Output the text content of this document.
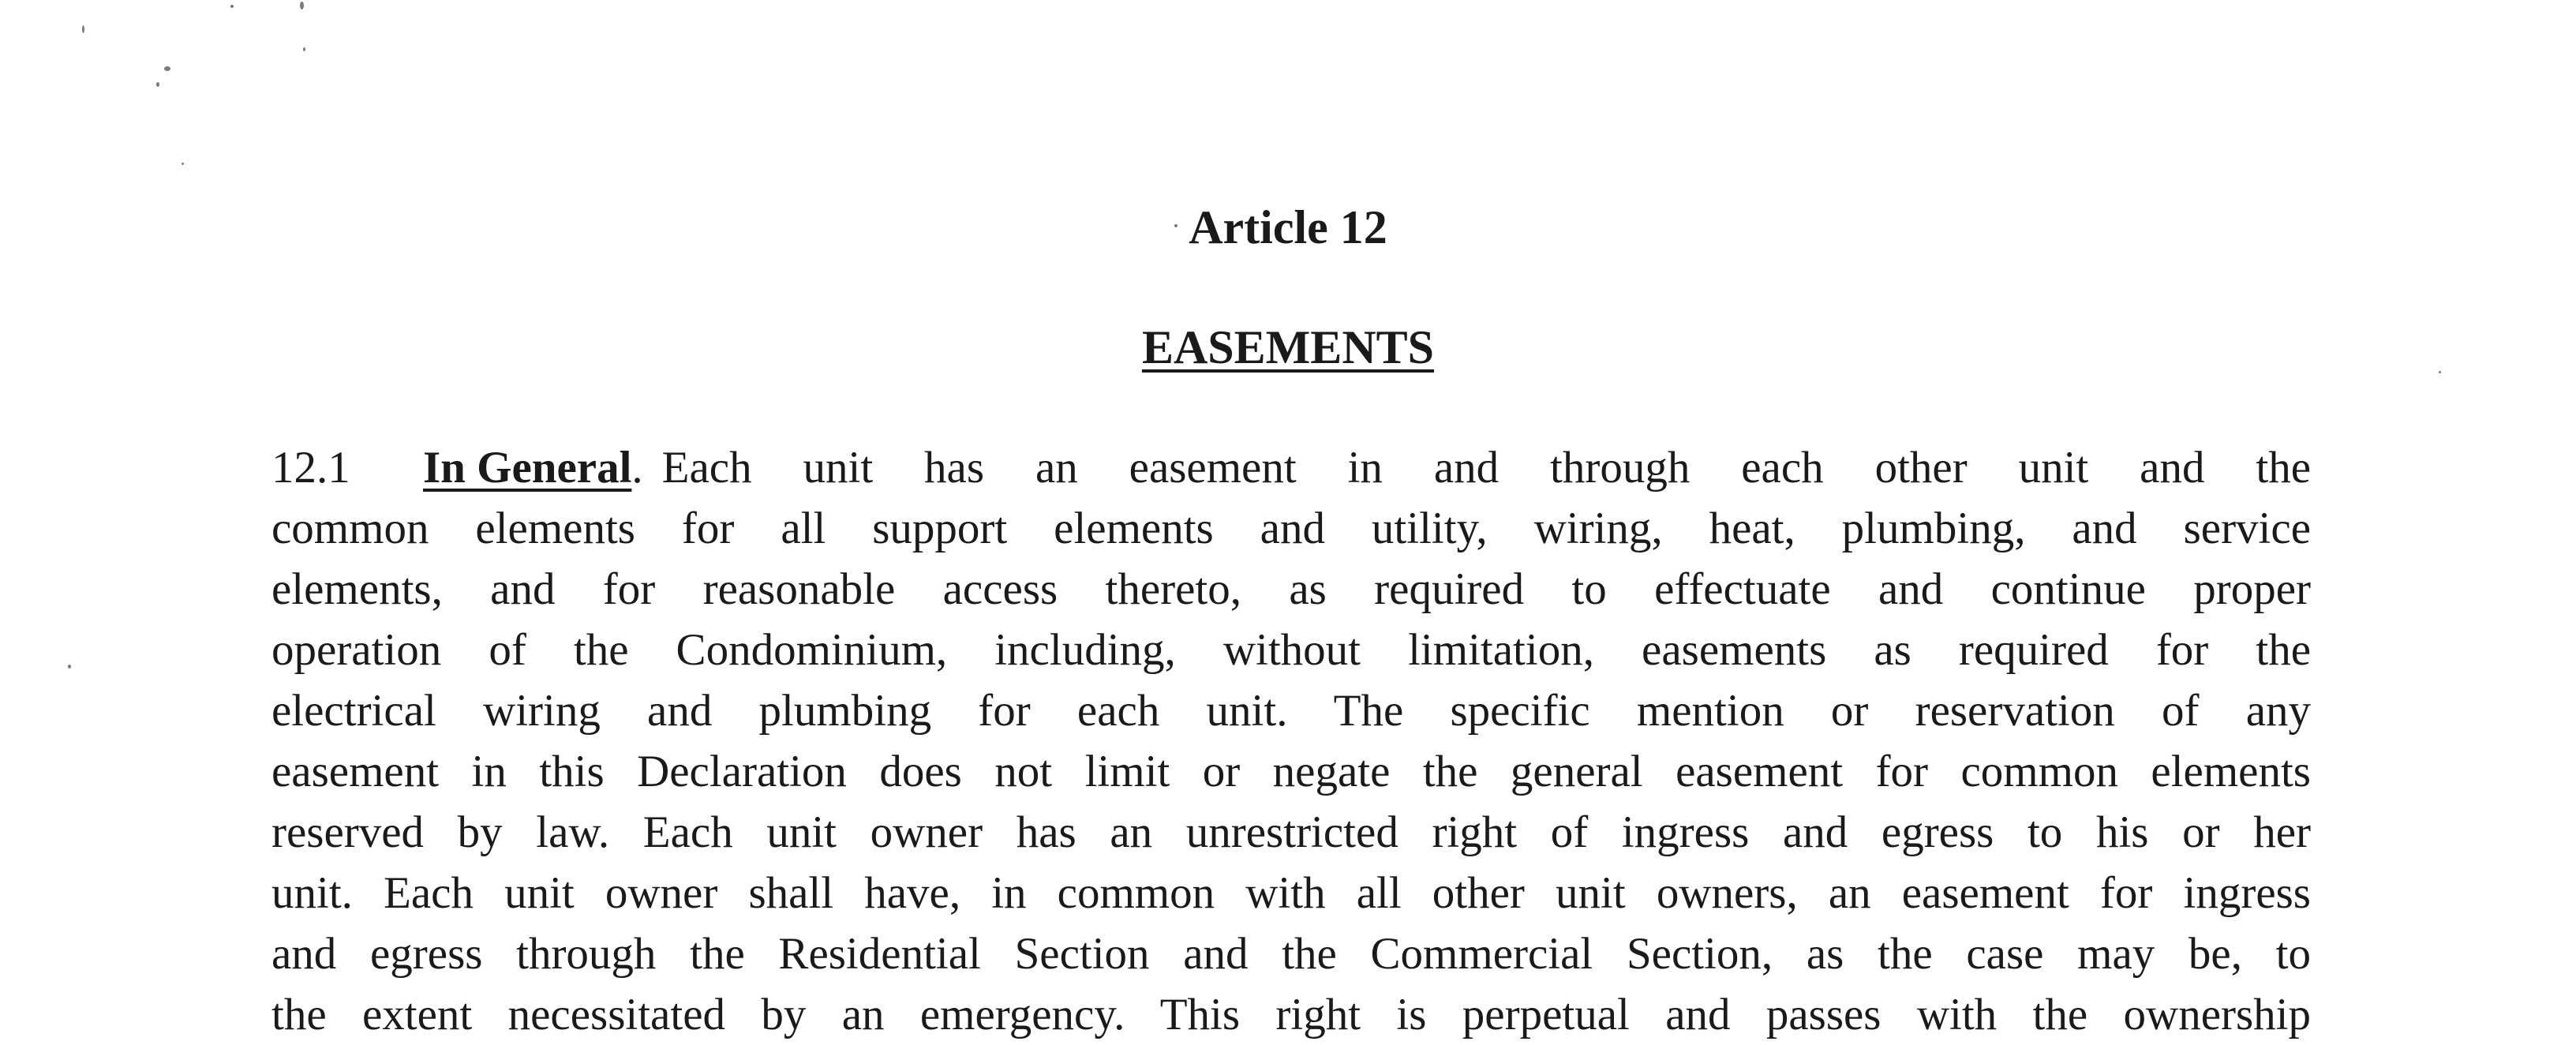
Article 12
EASEMENTS
12.1 In General. Each unit has an easement in and through each other unit and the
common elements for all support elements and utility, wiring, heat, plumbing, and service
elements, and for reasonable access thereto, as required to effectuate and continue proper
operation of the Condominium, including, without limitation, easements as required for the
electrical wiring and plumbing for each unit. The specific mention or reservation of any
easement in this Declaration does not limit or negate the general easement for common elements
reserved by law. Each unit owner has an unrestricted right of ingress and egress to his or her
unit. Each unit owner shall have, in common with all other unit owners, an easement for ingress
and egress through the Residential Section and the Commercial Section, as the case may be, to
the extent necessitated by an emergency. This right is perpetual and passes with the ownership
